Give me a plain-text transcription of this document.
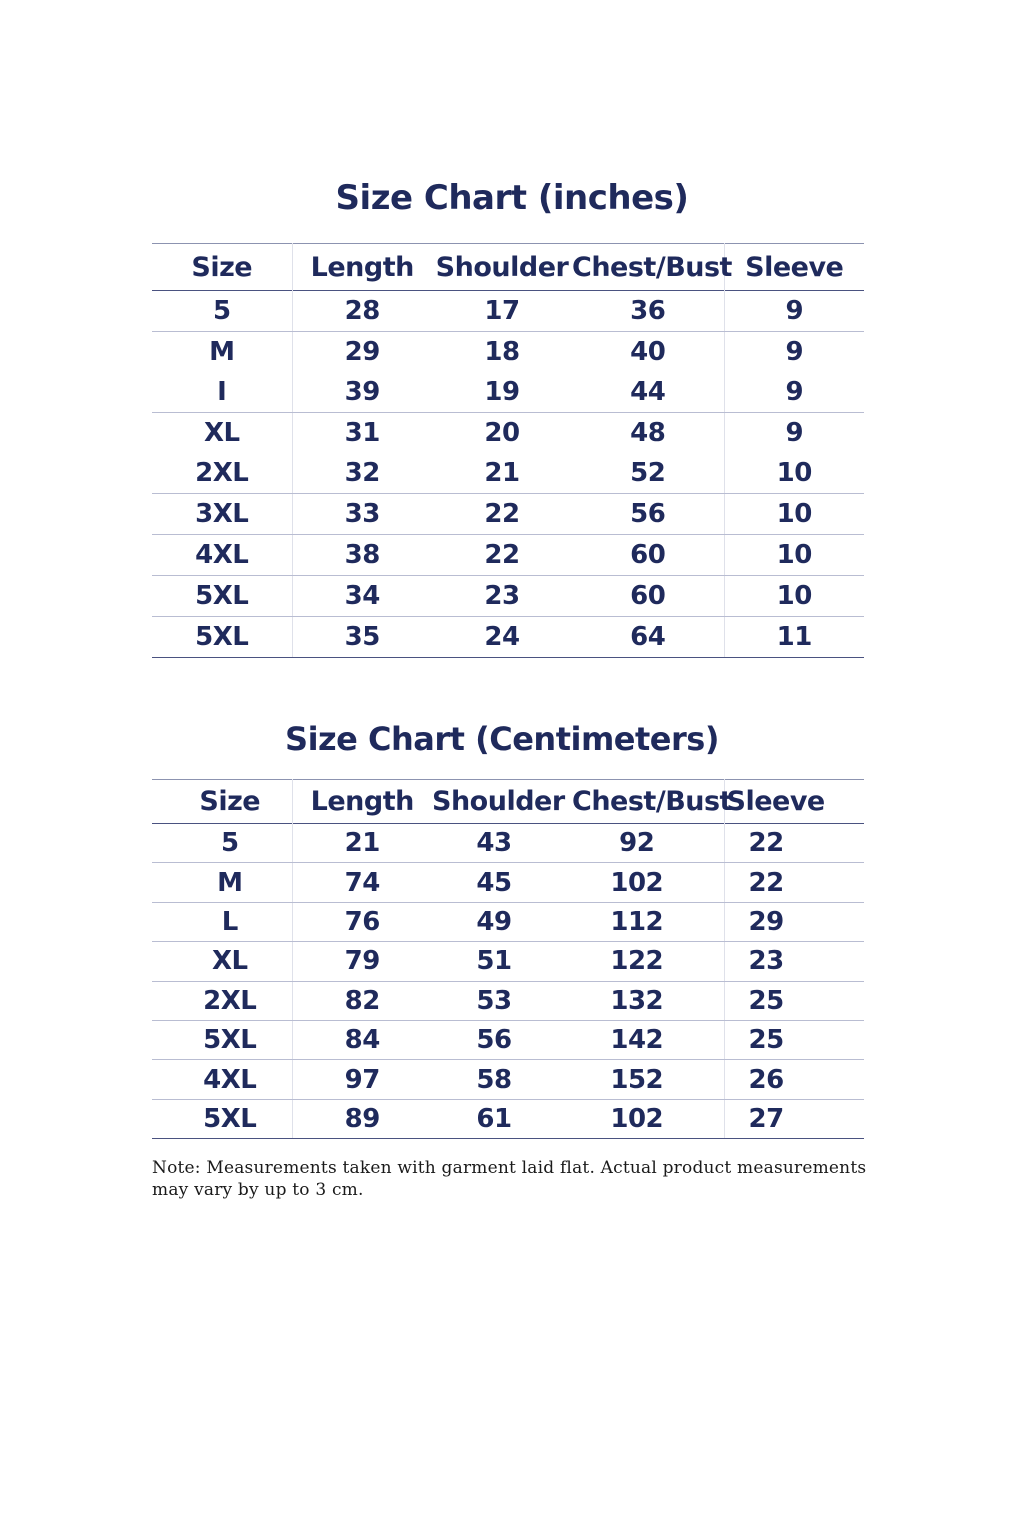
Size Chart (inches)
Size	Length	Shoulder	Chest/Bust	Sleeve
5	28	17	36	9
M	29	18	40	9
I	39	19	44	9
XL	31	20	48	9
2XL	32	21	52	10
3XL	33	22	56	10
4XL	38	22	60	10
5XL	34	23	60	10
5XL	35	24	64	11
Size Chart (Centimeters)
Size	Length	Shoulder	Chest/Bust	Sleeve
5	21	43	92	22
M	74	45	102	22
L	76	49	112	29
XL	79	51	122	23
2XL	82	53	132	25
5XL	84	56	142	25
4XL	97	58	152	26
5XL	89	61	102	27
Note: Measurements taken with garment laid flat. Actual product measurements may vary by up to 3 cm.
